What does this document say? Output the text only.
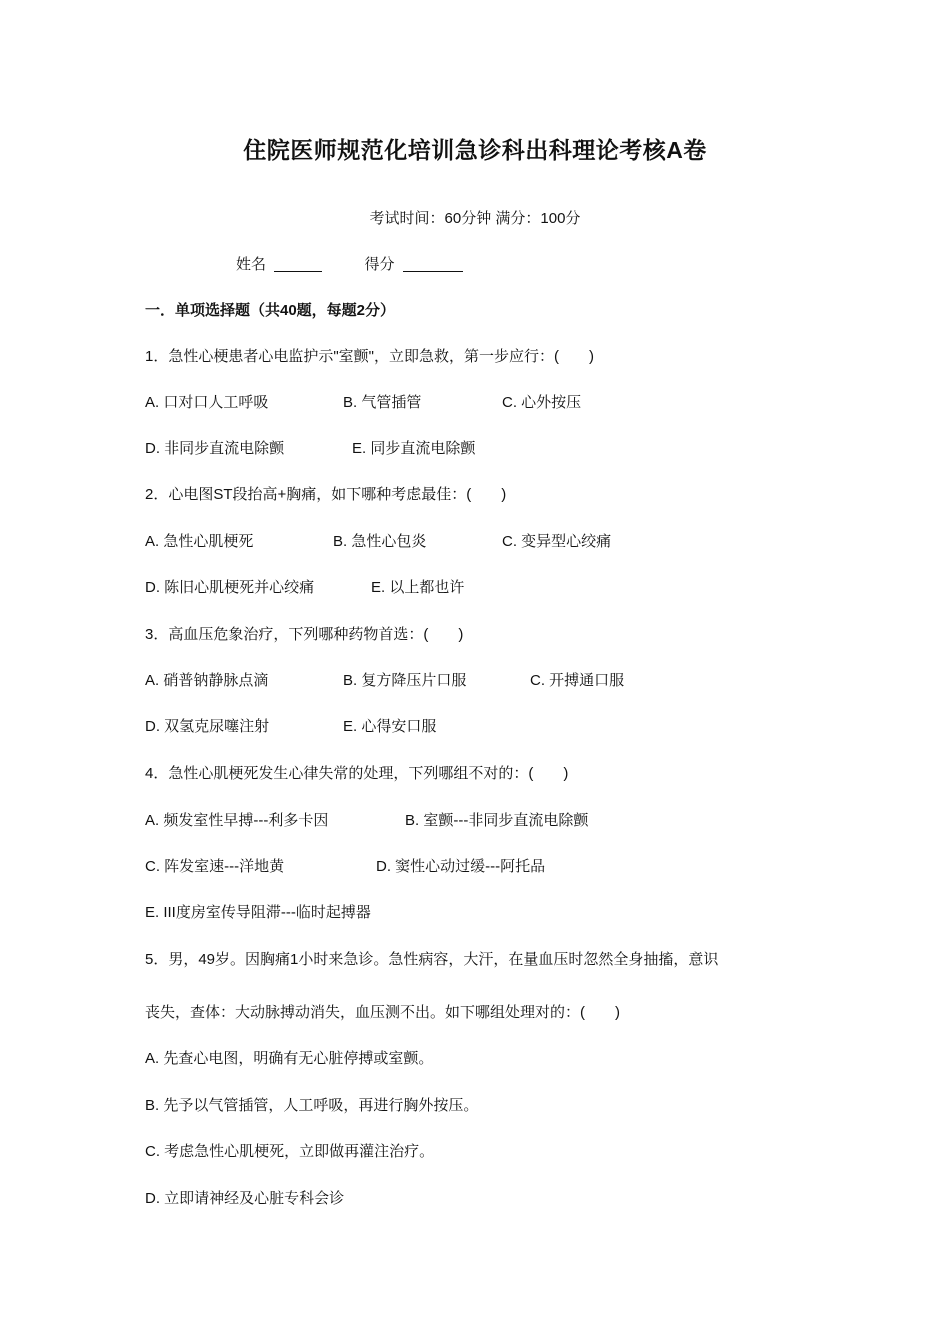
住院医师规范化培训急诊科出科理论考核A卷
考试时间：60分钟 满分：100分
姓名	得分
一．单项选择题（共40题，每题2分）
1．急性心梗患者心电监护示"室颤"，立即急救，第一步应行：(　　)
A. 口对口人工呼吸	B. 气管插管	C. 心外按压
D. 非同步直流电除颤	E. 同步直流电除颤
2．心电图ST段抬高+胸痛，如下哪种考虑最佳：(　　)
A. 急性心肌梗死	B. 急性心包炎	C. 变异型心绞痛
D. 陈旧心肌梗死并心绞痛	E. 以上都也许
3．高血压危象治疗，下列哪种药物首选：(　　)
A. 硝普钠静脉点滴	B. 复方降压片口服	C. 开搏通口服
D. 双氢克尿噻注射	E. 心得安口服
4．急性心肌梗死发生心律失常的处理，下列哪组不对的：(　　)
A. 频发室性早搏---利多卡因	B. 室颤---非同步直流电除颤
C. 阵发室速---洋地黄	D. 窦性心动过缓---阿托品
E. III度房室传导阻滞---临时起搏器
5．男，49岁。因胸痛1小时来急诊。急性病容，大汗，在量血压时忽然全身抽搐，意识
丧失，查体：大动脉搏动消失，血压测不出。如下哪组处理对的：(　　)
A. 先查心电图，明确有无心脏停搏或室颤。
B. 先予以气管插管，人工呼吸，再进行胸外按压。
C. 考虑急性心肌梗死，立即做再灌注治疗。
D. 立即请神经及心脏专科会诊
